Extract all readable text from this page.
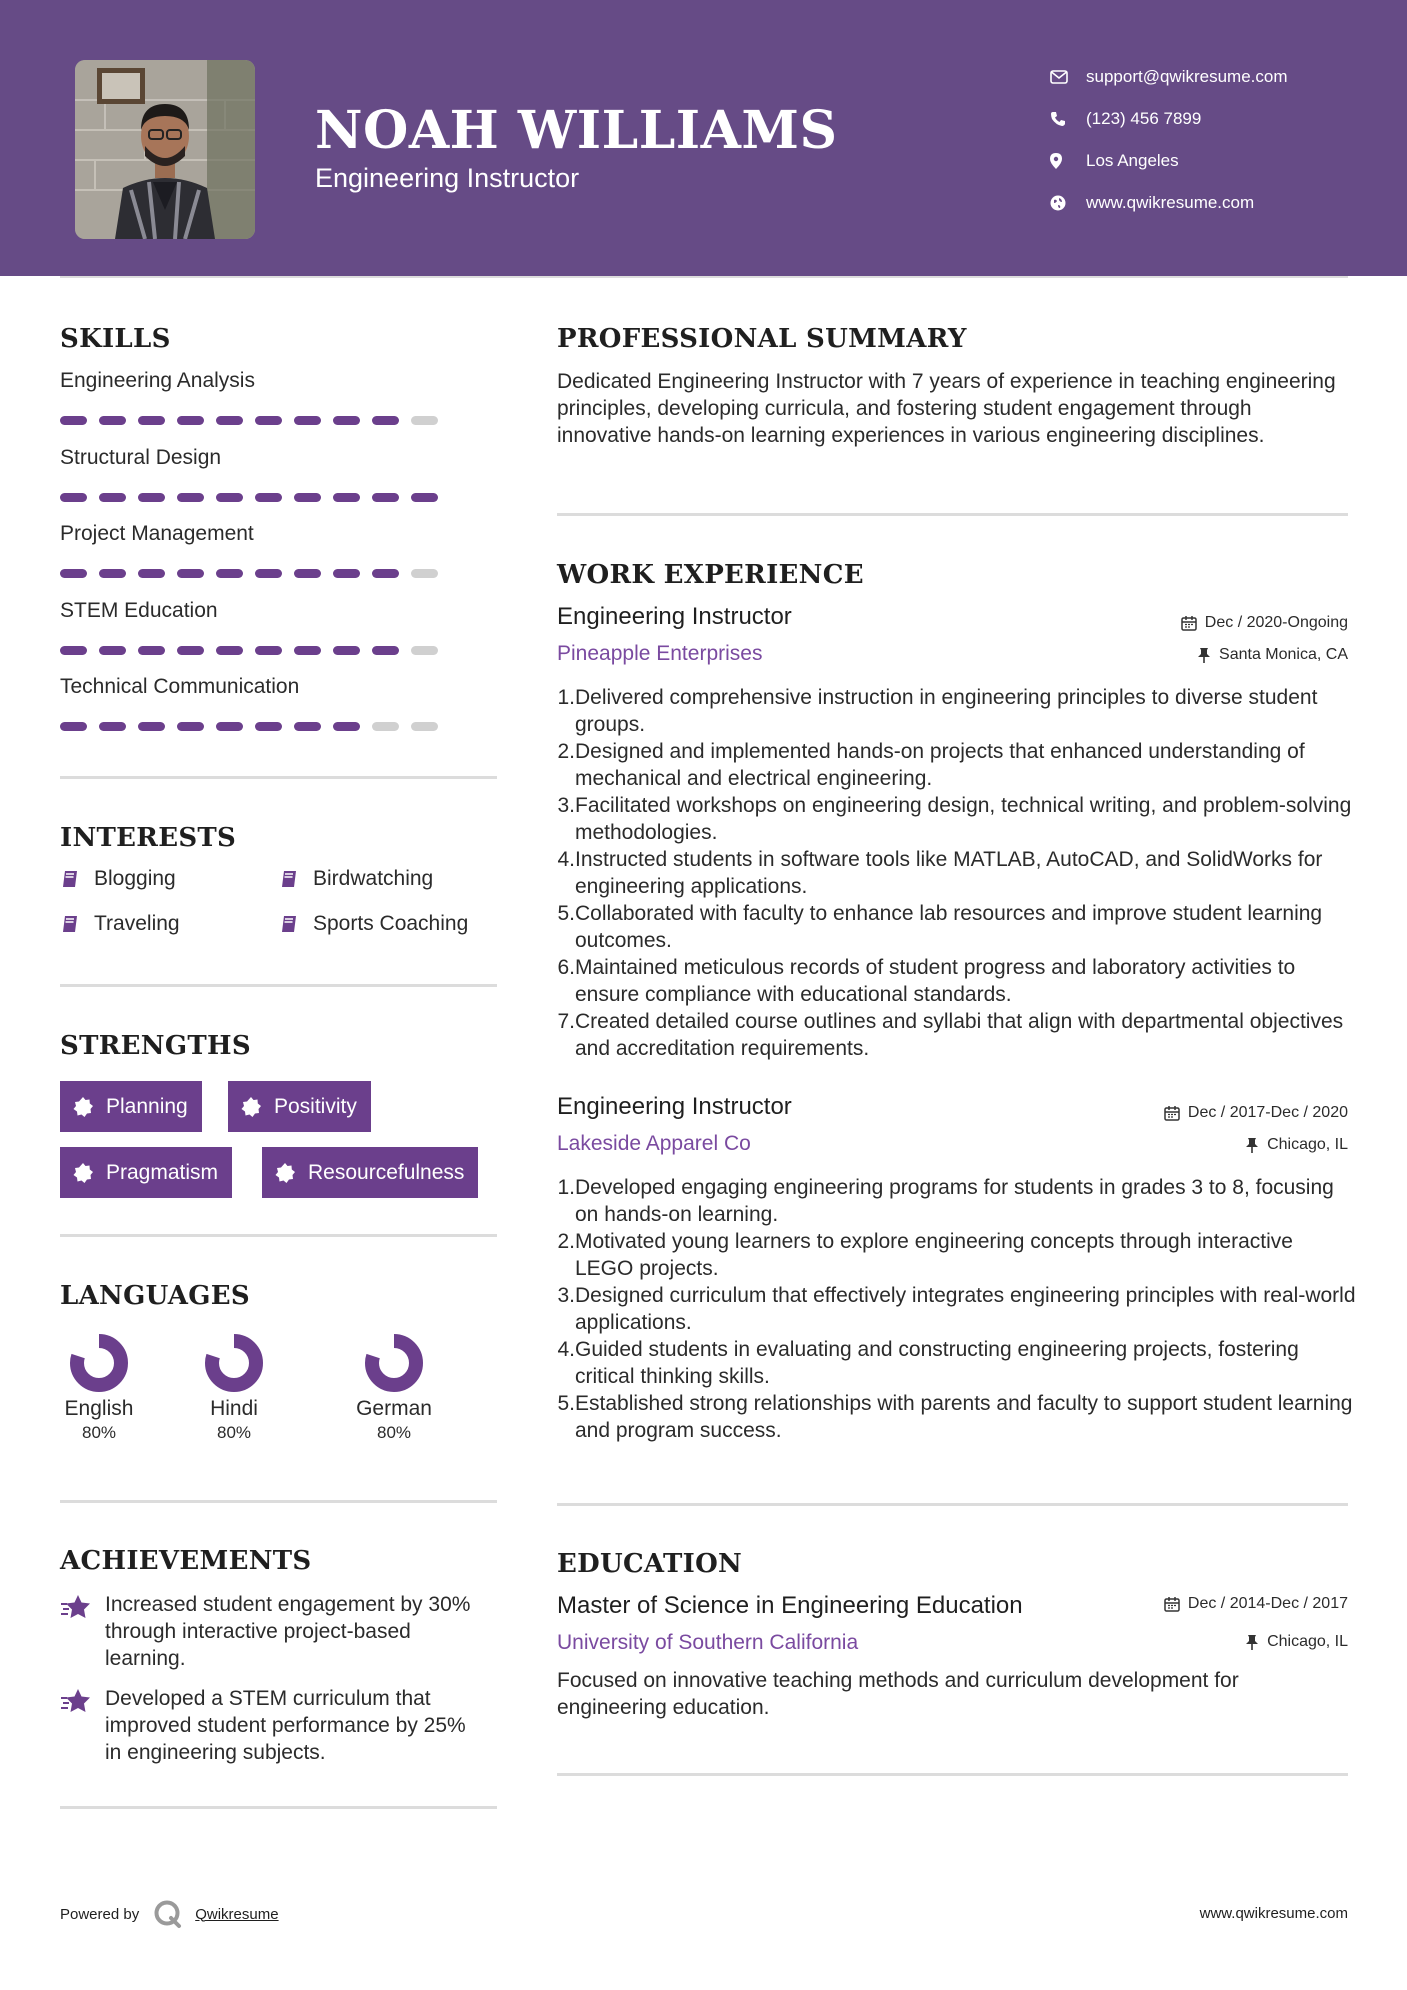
NOAH WILLIAMS
Engineering Instructor
support@qwikresume.com
(123) 456 7899
Los Angeles
www.qwikresume.com
SKILLS
Engineering Analysis
Structural Design
Project Management
STEM Education
Technical Communication
INTERESTS
Blogging	Birdwatching
Traveling	Sports Coaching
STRENGTHS
Planning	Positivity
Pragmatism	Resourcefulness
LANGUAGES
English
80%
Hindi
80%
German
80%
ACHIEVEMENTS
Increased student engagement by 30% through interactive project-based learning.
Developed a STEM curriculum that improved student performance by 25% in engineering subjects.
PROFESSIONAL SUMMARY
Dedicated Engineering Instructor with 7 years of experience in teaching engineering principles, developing curricula, and fostering student engagement through innovative hands-on learning experiences in various engineering disciplines.
WORK EXPERIENCE
Engineering Instructor	Dec / 2020-Ongoing
Pineapple Enterprises	Santa Monica, CA
1. Delivered comprehensive instruction in engineering principles to diverse student groups.
2. Designed and implemented hands-on projects that enhanced understanding of mechanical and electrical engineering.
3. Facilitated workshops on engineering design, technical writing, and problem-solving methodologies.
4. Instructed students in software tools like MATLAB, AutoCAD, and SolidWorks for engineering applications.
5. Collaborated with faculty to enhance lab resources and improve student learning outcomes.
6. Maintained meticulous records of student progress and laboratory activities to ensure compliance with educational standards.
7. Created detailed course outlines and syllabi that align with departmental objectives and accreditation requirements.
Engineering Instructor	Dec / 2017-Dec / 2020
Lakeside Apparel Co	Chicago, IL
1. Developed engaging engineering programs for students in grades 3 to 8, focusing on hands-on learning.
2. Motivated young learners to explore engineering concepts through interactive LEGO projects.
3. Designed curriculum that effectively integrates engineering principles with real-world applications.
4. Guided students in evaluating and constructing engineering projects, fostering critical thinking skills.
5. Established strong relationships with parents and faculty to support student learning and program success.
EDUCATION
Master of Science in Engineering Education	Dec / 2014-Dec / 2017
University of Southern California	Chicago, IL
Focused on innovative teaching methods and curriculum development for engineering education.
Powered by	Qwikresume	www.qwikresume.com
